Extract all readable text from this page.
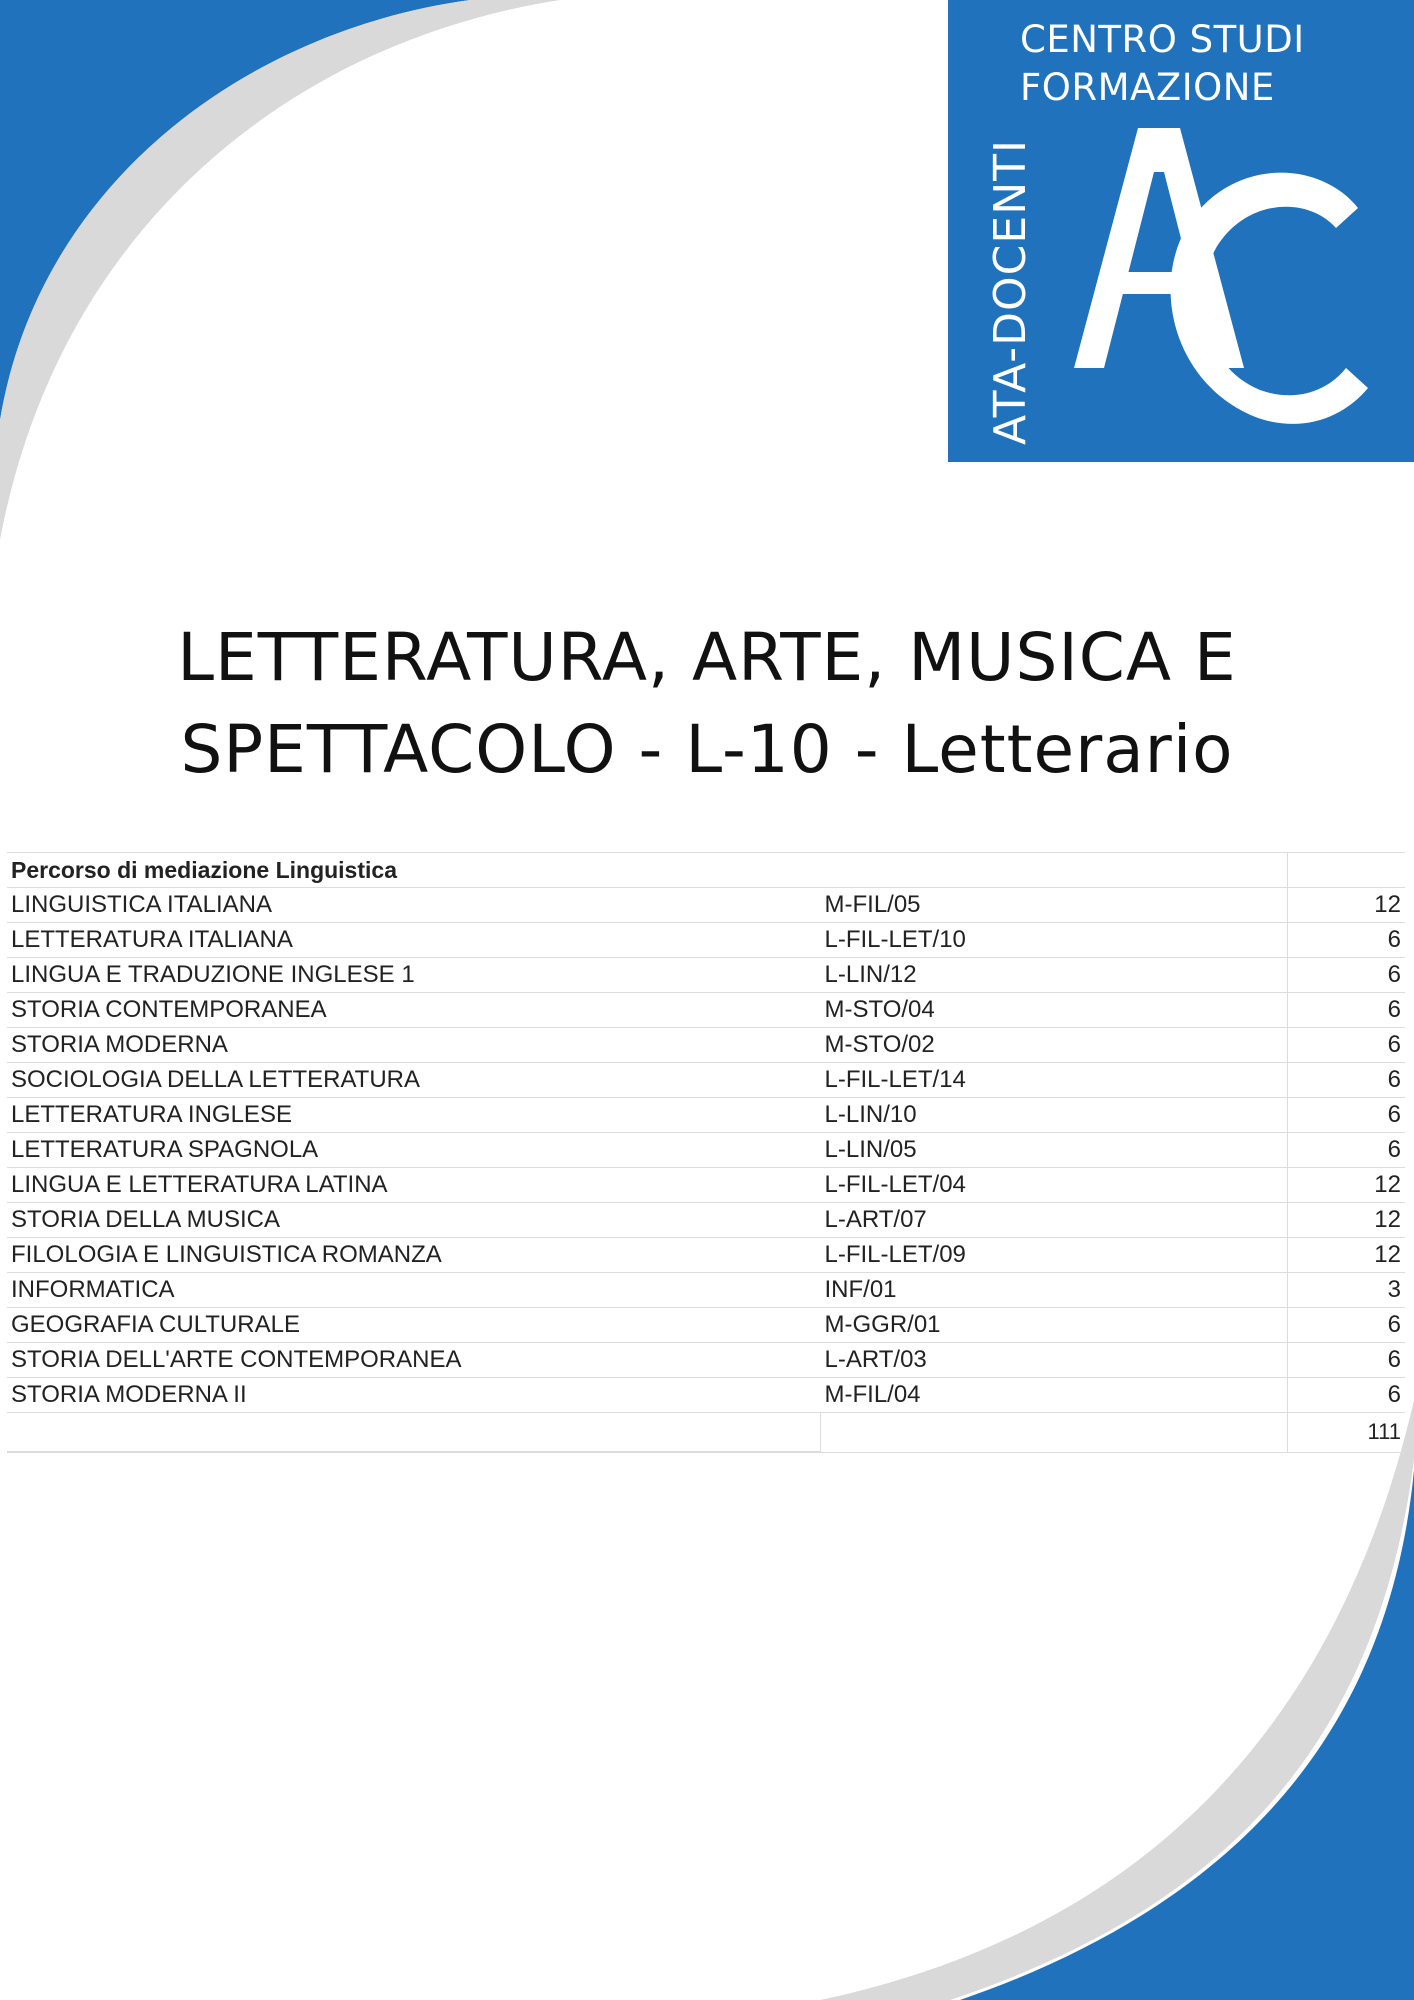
CENTRO STUDI
FORMAZIONE
ATA-DOCENTI
LETTERATURA, ARTE, MUSICA E
SPETTACOLO - L-10 - Letterario
Percorso di mediazione Linguistica		
LINGUISTICA ITALIANA	M-FIL/05	12
LETTERATURA ITALIANA	L-FIL-LET/10	6
LINGUA E TRADUZIONE INGLESE 1	L-LIN/12	6
STORIA CONTEMPORANEA	M-STO/04	6
STORIA MODERNA	M-STO/02	6
SOCIOLOGIA DELLA LETTERATURA	L-FIL-LET/14	6
LETTERATURA INGLESE	L-LIN/10	6
LETTERATURA SPAGNOLA	L-LIN/05	6
LINGUA E LETTERATURA LATINA	L-FIL-LET/04	12
STORIA DELLA MUSICA	L-ART/07	12
FILOLOGIA E LINGUISTICA ROMANZA	L-FIL-LET/09	12
INFORMATICA	INF/01	3
GEOGRAFIA CULTURALE	M-GGR/01	6
STORIA DELL'ARTE CONTEMPORANEA	L-ART/03	6
STORIA MODERNA II	M-FIL/04	6
		111
